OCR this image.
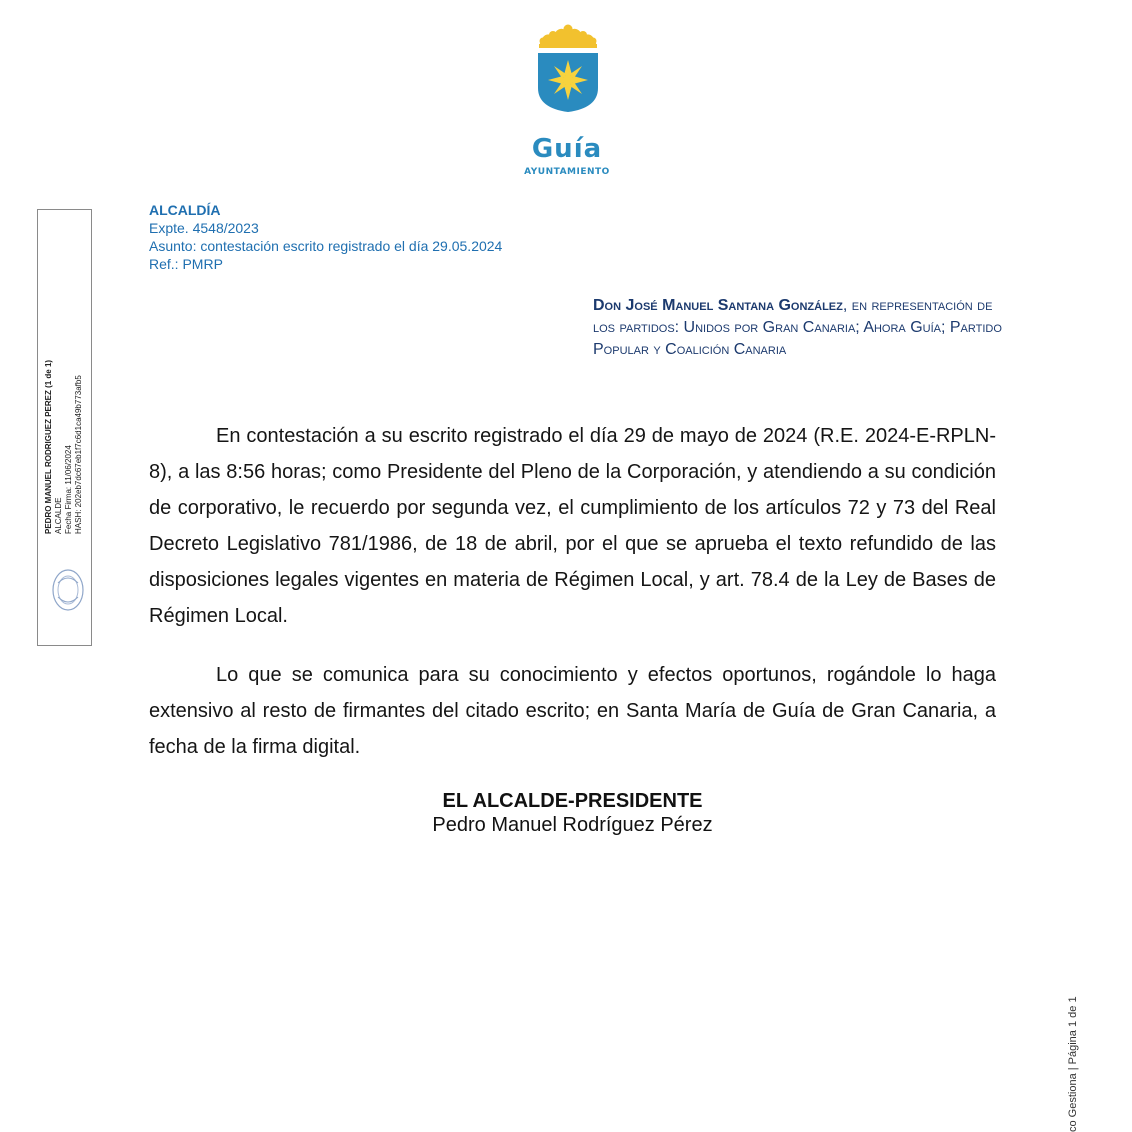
Guía
AYUNTAMIENTO
PEDRO MANUEL RODRIGUEZ PEREZ (1 de 1) ALCALDE Fecha Firma: 11/06/2024 HASH: 202eb7dc67eb1f7c6d1ca49b773afb5
ALCALDÍA
Expte. 4548/2023
Asunto: contestación escrito registrado el día 29.05.2024
Ref.: PMRP
Don José Manuel Santana González, en representación de los partidos: Unidos por Gran Canaria; Ahora Guía; Partido Popular y Coalición Canaria
En contestación a su escrito registrado el día 29 de mayo de 2024 (R.E. 2024-E-RPLN-8), a las 8:56 horas; como Presidente del Pleno de la Corporación, y atendiendo a su condición de corporativo, le recuerdo por segunda vez, el cumplimiento de los artículos 72 y 73 del Real Decreto Legislativo 781/1986, de 18 de abril, por el que se aprueba el texto refundido de las disposiciones legales vigentes en materia de Régimen Local, y art. 78.4 de la Ley de Bases de Régimen Local.
Lo que se comunica para su conocimiento y efectos oportunos, rogándole lo haga extensivo al resto de firmantes del citado escrito; en Santa María de Guía de Gran Canaria, a fecha de la firma digital.
EL ALCALDE-PRESIDENTE
Pedro Manuel Rodríguez Pérez
co Gestiona | Página 1 de 1
